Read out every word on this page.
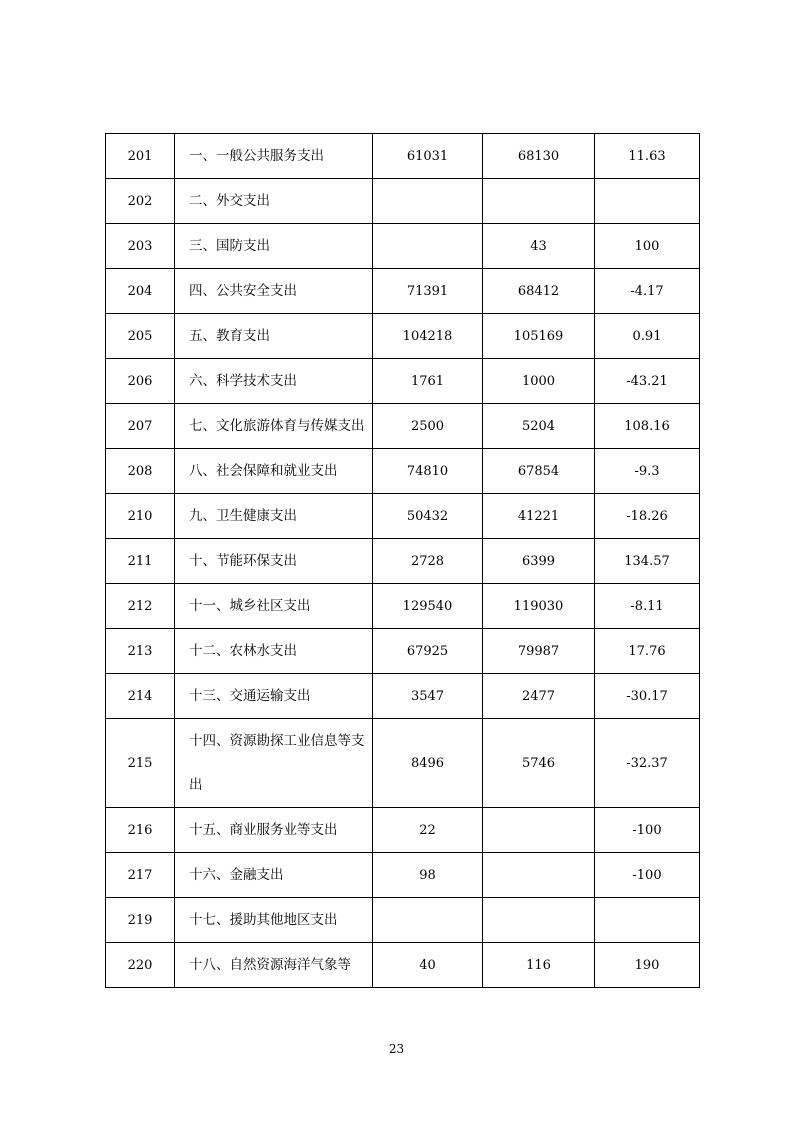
201	一、一般公共服务支出	61031	68130	11.63
202	二、外交支出			
203	三、国防支出		43	100
204	四、公共安全支出	71391	68412	-4.17
205	五、教育支出	104218	105169	0.91
206	六、科学技术支出	1761	1000	-43.21
207	七、文化旅游体育与传媒支出	2500	5204	108.16
208	八、社会保障和就业支出	74810	67854	-9.3
210	九、卫生健康支出	50432	41221	-18.26
211	十、节能环保支出	2728	6399	134.57
212	十一、城乡社区支出	129540	119030	-8.11
213	十二、农林水支出	67925	79987	17.76
214	十三、交通运输支出	3547	2477	-30.17
215	十四、资源勘探工业信息等支出	8496	5746	-32.37
216	十五、商业服务业等支出	22		-100
217	十六、金融支出	98		-100
219	十七、援助其他地区支出			
220	十八、自然资源海洋气象等	40	116	190
23
